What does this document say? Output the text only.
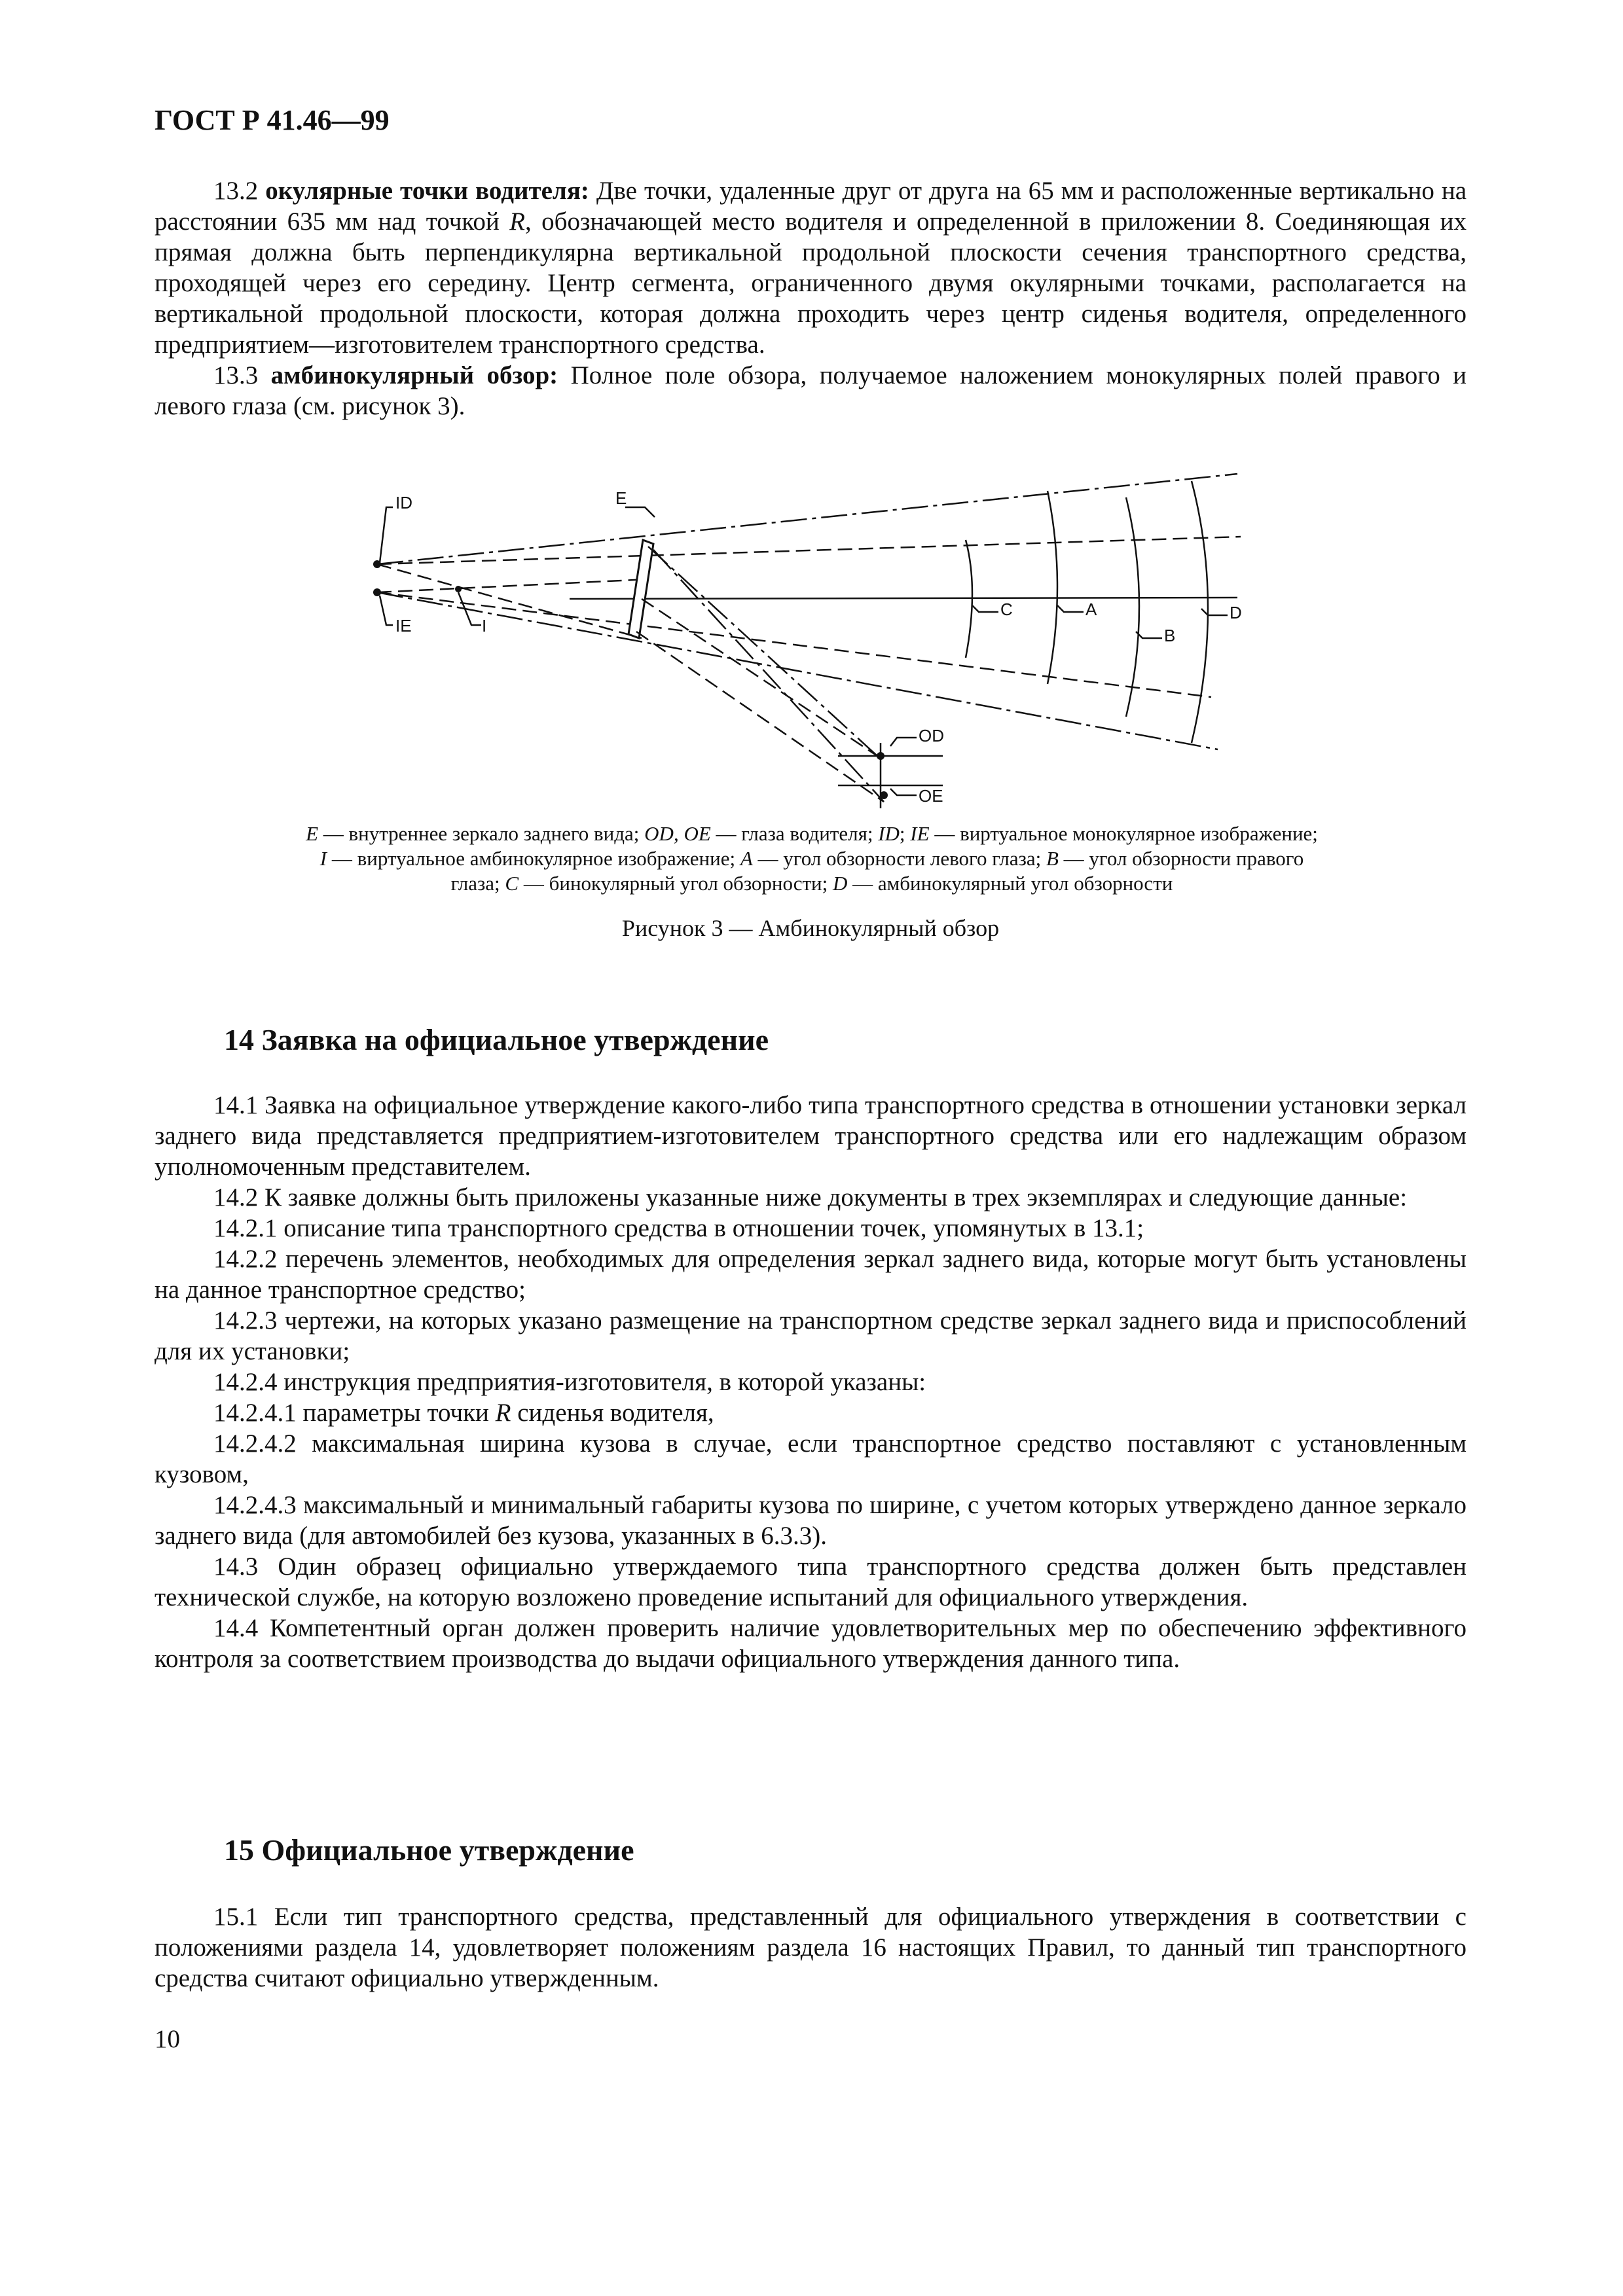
ГОСТ Р 41.46—99

13.2 окулярные точки водителя: Две точки, удаленные друг от друга на 65 мм и расположенные вертикально на расстоянии 635 мм над точкой R, обозначающей место водителя и определенной в приложении 8. Соединяющая их прямая должна быть перпендикулярна вертикальной продольной плоскости сечения транспортного средства, проходящей через его середину. Центр сегмента, ограниченного двумя окулярными точками, располагается на вертикальной продольной плоскости, которая должна проходить через центр сиденья водителя, определенного предприятием—изготовителем транспортного средства.

13.3 амбинокулярный обзор: Полное поле обзора, получаемое наложением монокулярных полей правого и левого глаза (см. рисунок 3).

ID
IE	I
E
C	A
B
D
OD
OE
E — внутреннее зеркало заднего вида; OD, OE — глаза водителя; ID; IE — виртуальное монокулярное изображение;
I — виртуальное амбинокулярное изображение; A — угол обзорности левого глаза; B — угол обзорности правого
глаза; C — бинокулярный угол обзорности; D — амбинокулярный угол обзорности
Рисунок 3 — Амбинокулярный обзор
14 Заявка на официальное утверждение

14.1 Заявка на официальное утверждение какого-либо типа транспортного средства в отношении установки зеркал заднего вида представляется предприятием-изготовителем транспортного средства или его надлежащим образом уполномоченным представителем.

14.2 К заявке должны быть приложены указанные ниже документы в трех экземплярах и следующие данные:

14.2.1 описание типа транспортного средства в отношении точек, упомянутых в 13.1;

14.2.2 перечень элементов, необходимых для определения зеркал заднего вида, которые могут быть установлены на данное транспортное средство;

14.2.3 чертежи, на которых указано размещение на транспортном средстве зеркал заднего вида и приспособлений для их установки;

14.2.4 инструкция предприятия-изготовителя, в которой указаны:

14.2.4.1 параметры точки R сиденья водителя,

14.2.4.2 максимальная ширина кузова в случае, если транспортное средство поставляют с установленным кузовом,

14.2.4.3 максимальный и минимальный габариты кузова по ширине, с учетом которых утверждено данное зеркало заднего вида (для автомобилей без кузова, указанных в 6.3.3).

14.3 Один образец официально утверждаемого типа транспортного средства должен быть представлен технической службе, на которую возложено проведение испытаний для официального утверждения.

14.4 Компетентный орган должен проверить наличие удовлетворительных мер по обеспечению эффективного контроля за соответствием производства до выдачи официального утверждения данного типа.

15 Официальное утверждение

15.1 Если тип транспортного средства, представленный для официального утверждения в соответствии с положениями раздела 14, удовлетворяет положениям раздела 16 настоящих Правил, то данный тип транспортного средства считают официально утвержденным.

10
